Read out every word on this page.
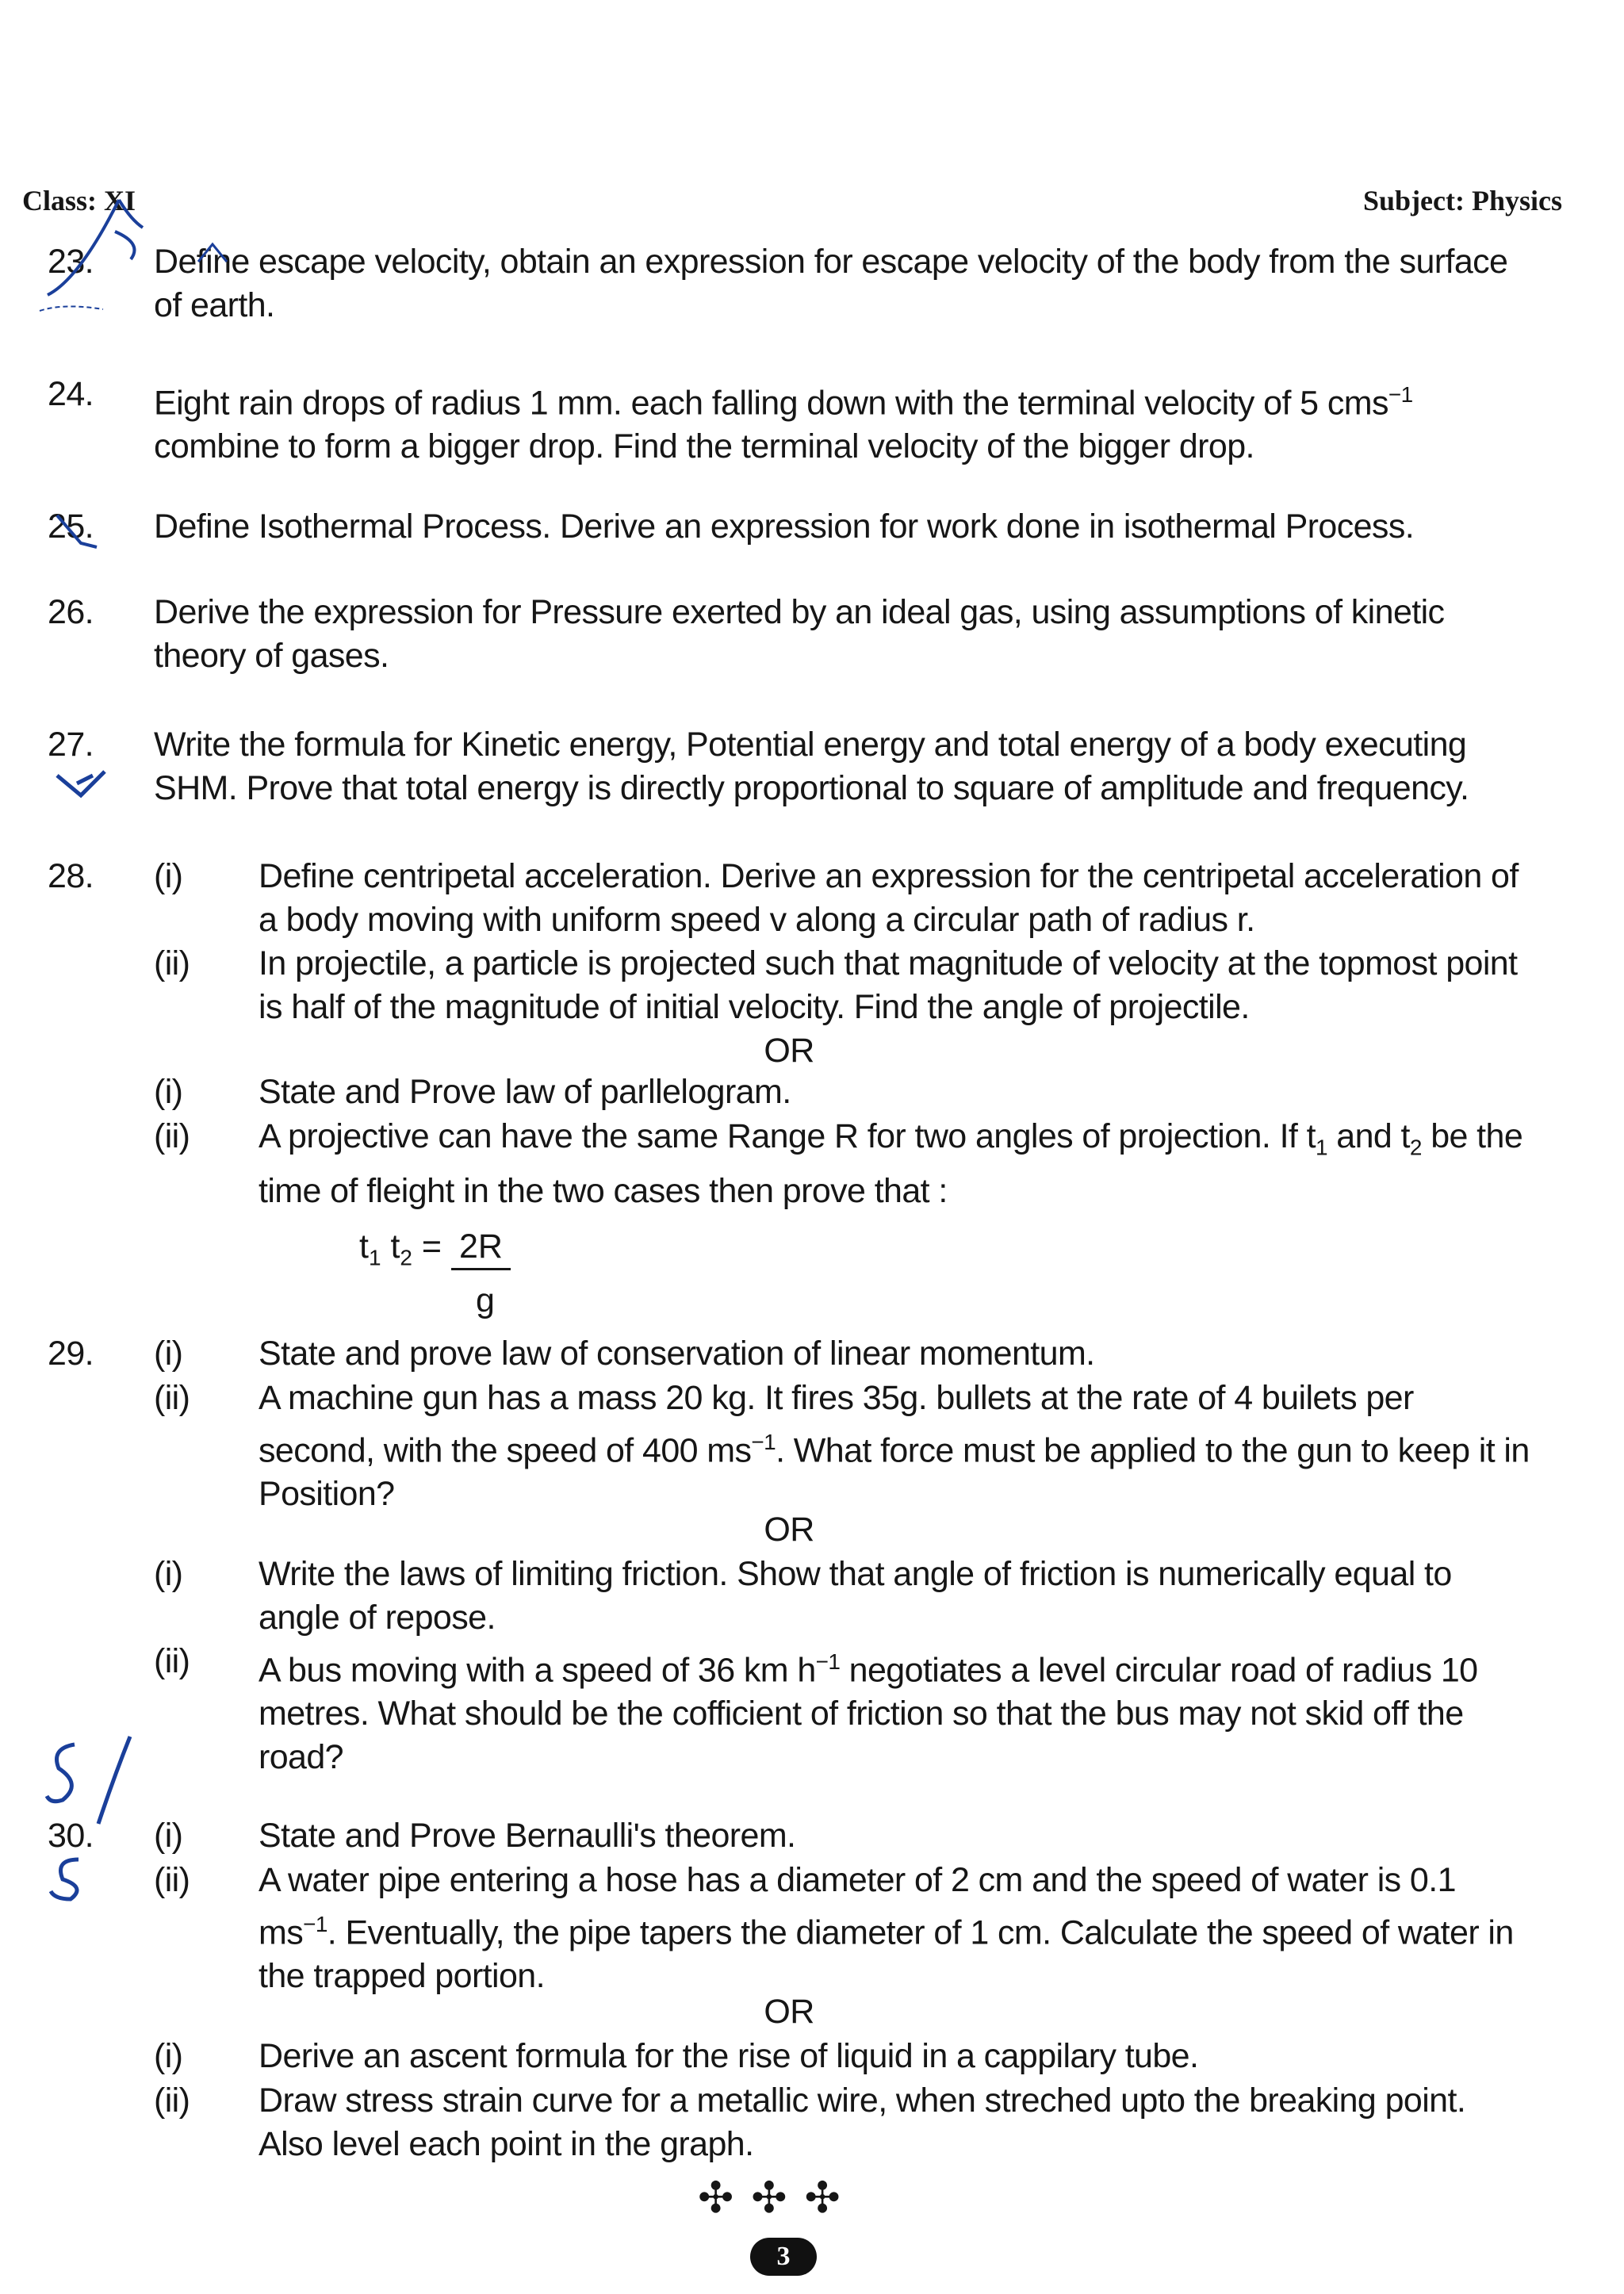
Class: XI	Subject: Physics
23. Define escape velocity, obtain an expression for escape velocity of the body from the surface of earth.
24. Eight rain drops of radius 1 mm. each falling down with the terminal velocity of 5 cms$^{-1}$ combine to form a bigger drop. Find the terminal velocity of the bigger drop.
25. Define Isothermal Process. Derive an expression for work done in isothermal Process.
26. Derive the expression for Pressure exerted by an ideal gas, using assumptions of kinetic theory of gases.
27. Write the formula for Kinetic energy, Potential energy and total energy of a body executing SHM. Prove that total energy is directly proportional to square of amplitude and frequency.
28. (i) Define centripetal acceleration. Derive an expression for the centripetal acceleration of a body moving with uniform speed v along a circular path of radius r.
(ii) In projectile, a particle is projected such that magnitude of velocity at the topmost point is half of the magnitude of initial velocity. Find the angle of projectile.
OR
(i) State and Prove law of parllelogram.
(ii) A projective can have the same Range R for two angles of projection. If $t_1$ and $t_2$ be the time of fleight in the two cases then prove that :
$t_1$ $t_2 = 2R$
g
29. (i) State and prove law of conservation of linear momentum.
(ii) A machine gun has a mass 20 kg. It fires 35g. bullets at the rate of 4 builets per second, with the speed of 400 $ms^{-1}$. What force must be applied to the gun to keep it in Position?
OR
(i) Write the laws of limiting friction. Show that angle of friction is numerically equal to angle of repose.
(ii) A bus moving with a speed of 36 km $h^{-1}$ negotiates a level circular road of radius 10 metres. What should be the cofficient of friction so that the bus may not skid off the road?
30. (i) State and Prove Bernaulli's theorem.
(ii) A water pipe entering a hose has a diameter of 2 cm and the speed of water is 0.1 $ms^{-1}$. Eventually, the pipe tapers the diameter of 1 cm. Calculate the speed of water in the trapped portion.
OR
(i) Derive an ascent formula for the rise of liquid in a cappilary tube.
(ii) Draw stress strain curve for a metallic wire, when streched upto the breaking point. Also level each point in the graph.
✣✣✣
3
